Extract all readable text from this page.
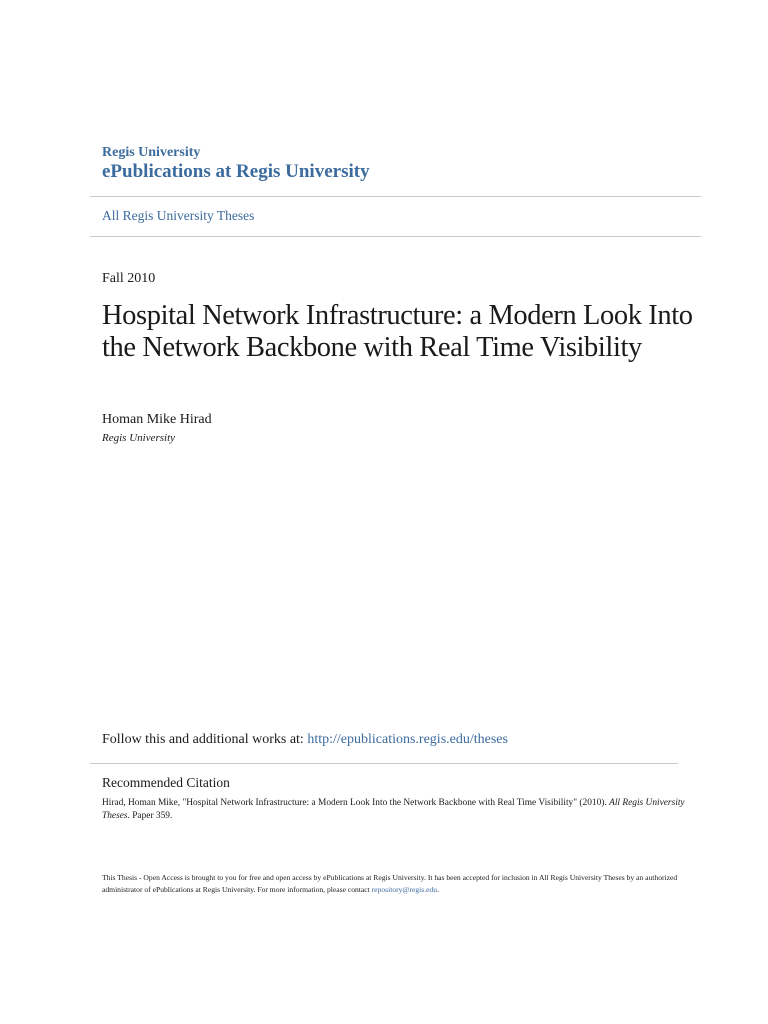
Regis University
ePublications at Regis University
All Regis University Theses
Fall 2010
Hospital Network Infrastructure: a Modern Look Into the Network Backbone with Real Time Visibility
Homan Mike Hirad
Regis University
Follow this and additional works at: http://epublications.regis.edu/theses
Recommended Citation
Hirad, Homan Mike, "Hospital Network Infrastructure: a Modern Look Into the Network Backbone with Real Time Visibility" (2010). All Regis University Theses. Paper 359.
This Thesis - Open Access is brought to you for free and open access by ePublications at Regis University. It has been accepted for inclusion in All Regis University Theses by an authorized administrator of ePublications at Regis University. For more information, please contact repository@regis.edu.
